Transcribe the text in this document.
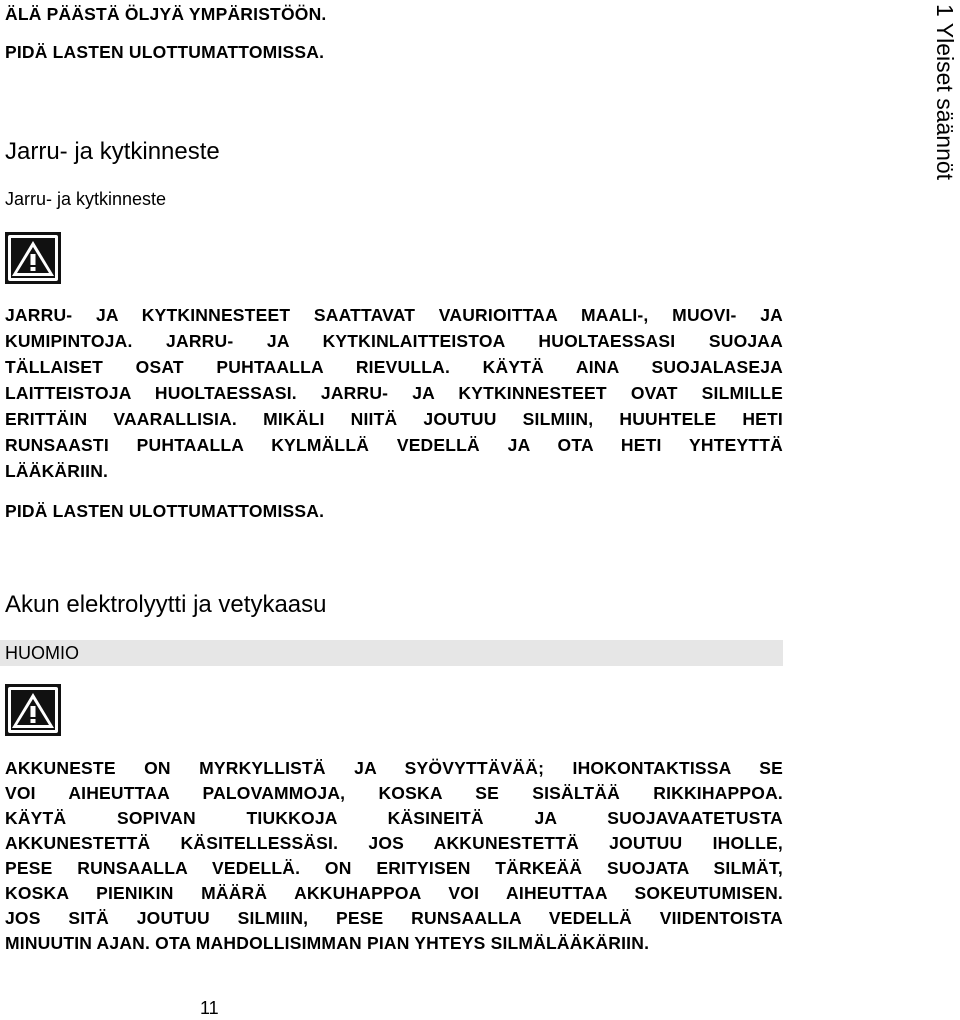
1 Yleiset säännöt
ÄLÄ PÄÄSTÄ ÖLJYÄ YMPÄRISTÖÖN.
PIDÄ LASTEN ULOTTUMATTOMISSA.
Jarru- ja kytkinneste
Jarru- ja kytkinneste
JARRU- JA KYTKINNESTEET SAATTAVAT VAURIOITTAA MAALI-, MUOVI- JA
KUMIPINTOJA. JARRU- JA KYTKINLAITTEISTOA HUOLTAESSASI SUOJAA
TÄLLAISET OSAT PUHTAALLA RIEVULLA. KÄYTÄ AINA SUOJALASEJA
LAITTEISTOJA HUOLTAESSASI. JARRU- JA KYTKINNESTEET OVAT SILMILLE
ERITTÄIN VAARALLISIA. MIKÄLI NIITÄ JOUTUU SILMIIN, HUUHTELE HETI
RUNSAASTI PUHTAALLA KYLMÄLLÄ VEDELLÄ JA OTA HETI YHTEYTTÄ
LÄÄKÄRIIN.
PIDÄ LASTEN ULOTTUMATTOMISSA.
Akun elektrolyytti ja vetykaasu
HUOMIO
AKKUNESTE ON MYRKYLLISTÄ JA SYÖVYTTÄVÄÄ; IHOKONTAKTISSA SE
VOI AIHEUTTAA PALOVAMMOJA, KOSKA SE SISÄLTÄÄ RIKKIHAPPOA.
KÄYTÄ SOPIVAN TIUKKOJA KÄSINEITÄ JA SUOJAVAATETUSTA
AKKUNESTETTÄ KÄSITELLESSÄSI. JOS AKKUNESTETTÄ JOUTUU IHOLLE,
PESE RUNSAALLA VEDELLÄ. ON ERITYISEN TÄRKEÄÄ SUOJATA SILMÄT,
KOSKA PIENIKIN MÄÄRÄ AKKUHAPPOA VOI AIHEUTTAA SOKEUTUMISEN.
JOS SITÄ JOUTUU SILMIIN, PESE RUNSAALLA VEDELLÄ VIIDENTOISTA
MINUUTIN AJAN. OTA MAHDOLLISIMMAN PIAN YHTEYS SILMÄLÄÄKÄRIIN.
11
